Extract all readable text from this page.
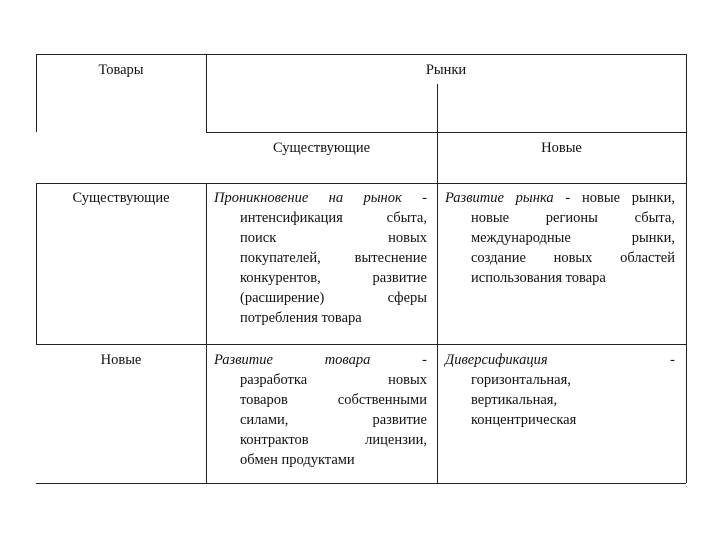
Товары	Рынки
Существующие	Новые
Существующие
Новые
Проникновение на рынок -
интенсификация сбыта,
поиск новых
покупателей, вытеснение
конкурентов, развитие
(расширение) сферы
потребления товара
Развитие рынка - новые рынки,
новые регионы сбыта,
международные рынки,
создание новых областей
использования товара
Развитие товара -
разработка новых
товаров собственными
силами, развитие
контрактов лицензии,
обмен продуктами
Диверсификация -
горизонтальная,
вертикальная,
концентрическая
